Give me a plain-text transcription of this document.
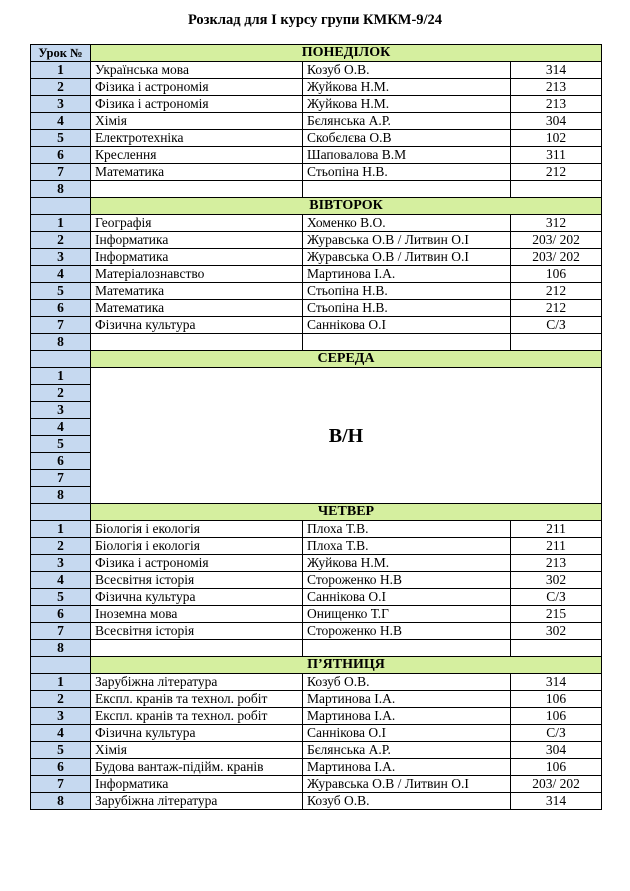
Розклад для І курсу групи КМКМ-9/24
Урок №	ПОНЕДІЛОК		
1	Українська мова	Козуб О.В.	314
2	Фізика і астрономія	Жуйкова Н.М.	213
3	Фізика і астрономія	Жуйкова Н.М.	213
4	Хімія	Бєлянська А.Р.	304
5	Електротехніка	Скобєлєва О.В	102
6	Креслення	Шаповалова В.М	311
7	Математика	Стьопіна Н.В.	212
8			
	ВІВТОРОК		
1	Географія	Хоменко В.О.	312
2	Інформатика	Журавська О.В / Литвин О.І	203/ 202
3	Інформатика	Журавська О.В / Литвин О.І	203/ 202
4	Матеріалознавство	Мартинова І.А.	106
5	Математика	Стьопіна Н.В.	212
6	Математика	Стьопіна Н.В.	212
7	Фізична культура	Саннікова О.І	С/З
8			
	СЕРЕДА		
1	В/Н		
2			
3			
4			
5			
6			
7			
8			
	ЧЕТВЕР		
1	Біологія і екологія	Плоха Т.В.	211
2	Біологія і екологія	Плоха Т.В.	211
3	Фізика і астрономія	Жуйкова Н.М.	213
4	Всесвітня історія	Стороженко Н.В	302
5	Фізична культура	Саннікова О.І	С/З
6	Іноземна мова	Онищенко Т.Г	215
7	Всесвітня історія	Стороженко Н.В	302
8			
	П’ЯТНИЦЯ		
1	Зарубіжна література	Козуб О.В.	314
2	Експл. кранів та технол. робіт	Мартинова І.А.	106
3	Експл. кранів та технол. робіт	Мартинова І.А.	106
4	Фізична культура	Саннікова О.І	С/З
5	Хімія	Бєлянська А.Р.	304
6	Будова вантаж-підійм. кранів	Мартинова І.А.	106
7	Інформатика	Журавська О.В / Литвин О.І	203/ 202
8	Зарубіжна література	Козуб О.В.	314
